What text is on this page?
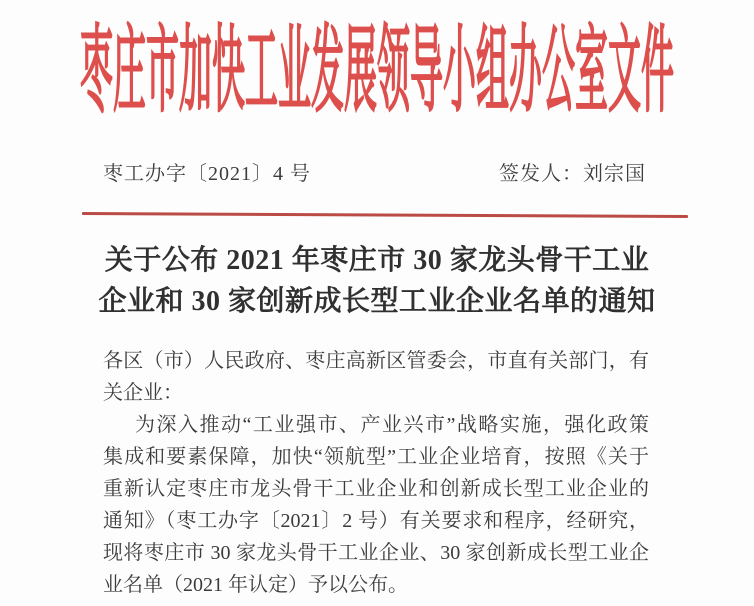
枣庄市加快工业发展领导小组办公室文件
枣工办字〔2021〕4 号	签发人：刘宗国
关于公布 2021 年枣庄市 30 家龙头骨干工业
企业和 30 家创新成长型工业企业名单的通知
各区（市）人民政府、枣庄高新区管委会，市直有关部门，有
关企业：
为深入推动“工业强市、产业兴市”战略实施，强化政策
集成和要素保障，加快“领航型”工业企业培育，按照《关于
重新认定枣庄市龙头骨干工业企业和创新成长型工业企业的
通知》（枣工办字〔2021〕2 号）有关要求和程序，经研究，
现将枣庄市 30 家龙头骨干工业企业、30 家创新成长型工业企
业名单（2021 年认定）予以公布。
